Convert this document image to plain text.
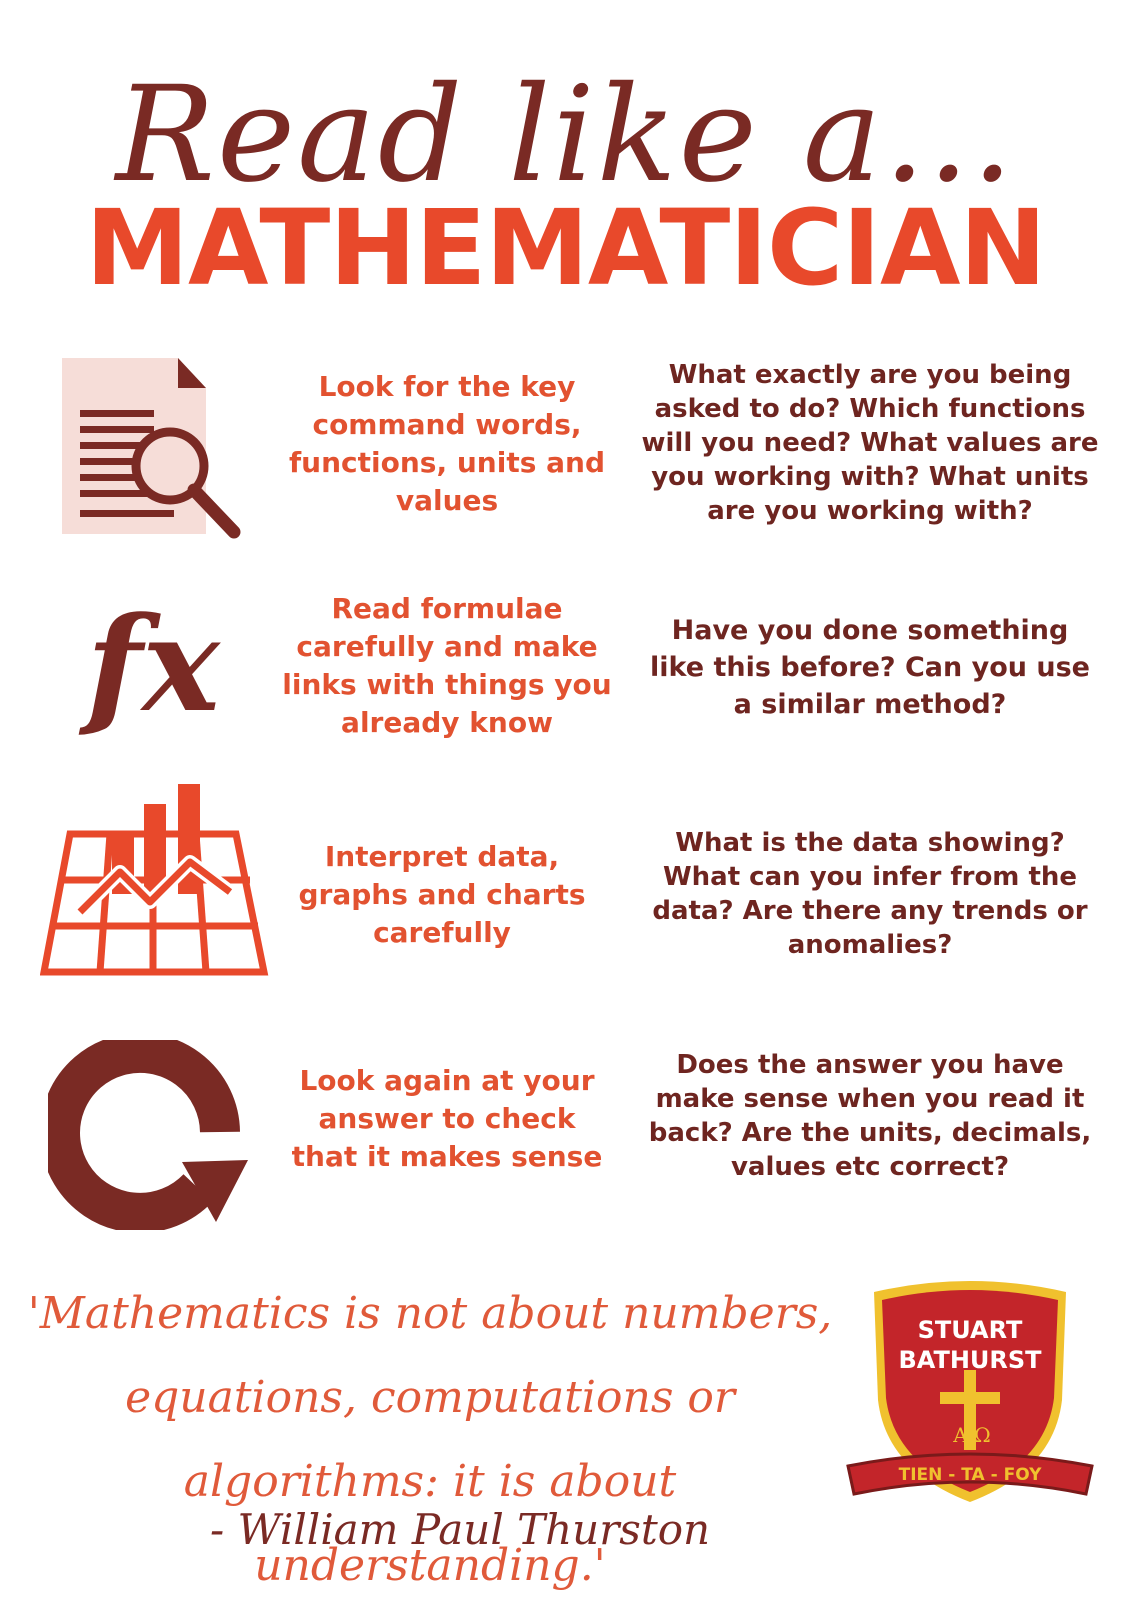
Read like a...
MATHEMATICIAN
Look for the key command words, functions, units and values
What exactly are you being asked to do? Which functions will you need? What values are you working with? What units are you working with?
fx	Read formulae carefully and make links with things you already know
Have you done something like this before? Can you use a similar method?
Interpret data, graphs and charts carefully
What is the data showing? What can you infer from the data? Are there any trends or anomalies?
Look again at your answer to check that it makes sense
Does the answer you have make sense when you read it back? Are the units, decimals, values etc correct?
'Mathematics is not about numbers, equations, computations or algorithms: it is about understanding.'
- William Paul Thurston
STUART
BATHURST
A Ω
TIEN - TA - FOY
